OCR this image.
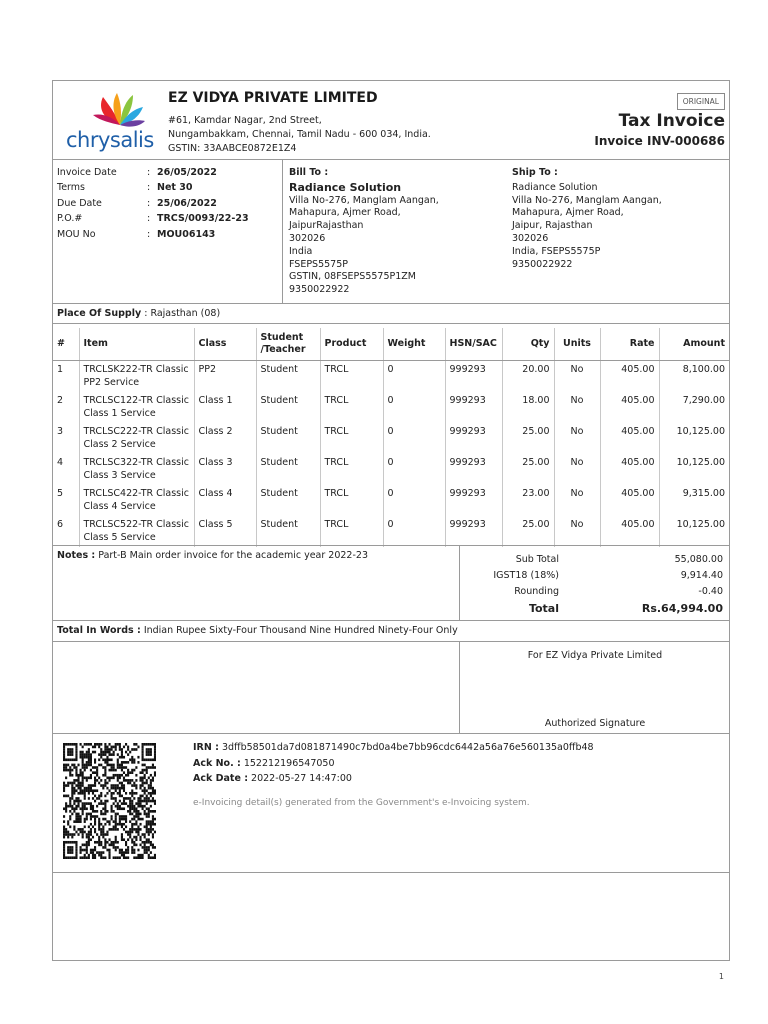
chrysalis
EZ VIDYA PRIVATE LIMITED
#61, Kamdar Nagar, 2nd Street,
Nungambakkam, Chennai, Tamil Nadu - 600 034, India.
GSTIN: 33AABCE0872E1Z4
ORIGINAL
Tax Invoice
Invoice INV-000686
Invoice Date	: 26/05/2022
Terms	: Net 30
Due Date	: 25/06/2022
P.O.#	: TRCS/0093/22-23
MOU No	: MOU06143
Bill To :
Radiance Solution
Villa No-276, Manglam Aangan,
Mahapura, Ajmer Road,
JaipurRajasthan
302026
India
FSEPS5575P
GSTIN, 08FSEPS5575P1ZM
9350022922
Ship To :
Radiance Solution
Villa No-276, Manglam Aangan,
Mahapura, Ajmer Road,
Jaipur, Rajasthan
302026
India, FSEPS5575P
9350022922
Place Of Supply : Rajasthan (08)
#	Item	Class	Student /Teacher	Product	Weight	HSN/SAC	Qty	Units	Rate	Amount
1	TRCLSK222-TR Classic PP2 Service	PP2	Student	TRCL	0	999293	20.00	No	405.00	8,100.00
2	TRCLSC122-TR Classic Class 1 Service	Class 1	Student	TRCL	0	999293	18.00	No	405.00	7,290.00
3	TRCLSC222-TR Classic Class 2 Service	Class 2	Student	TRCL	0	999293	25.00	No	405.00	10,125.00
4	TRCLSC322-TR Classic Class 3 Service	Class 3	Student	TRCL	0	999293	25.00	No	405.00	10,125.00
5	TRCLSC422-TR Classic Class 4 Service	Class 4	Student	TRCL	0	999293	23.00	No	405.00	9,315.00
6	TRCLSC522-TR Classic Class 5 Service	Class 5	Student	TRCL	0	999293	25.00	No	405.00	10,125.00
Notes : Part-B Main order invoice for the academic year 2022-23	Sub Total	55,080.00
IGST18 (18%)	9,914.40
Rounding	-0.40
Total	Rs.64,994.00
Total In Words : Indian Rupee Sixty-Four Thousand Nine Hundred Ninety-Four Only
For EZ Vidya Private Limited
Authorized Signature
IRN : 3dffb58501da7d081871490c7bd0a4be7bb96cdc6442a56a76e560135a0ffb48
Ack No. : 152212196547050
Ack Date : 2022-05-27 14:47:00
e-Invoicing detail(s) generated from the Government's e-Invoicing system.
1
